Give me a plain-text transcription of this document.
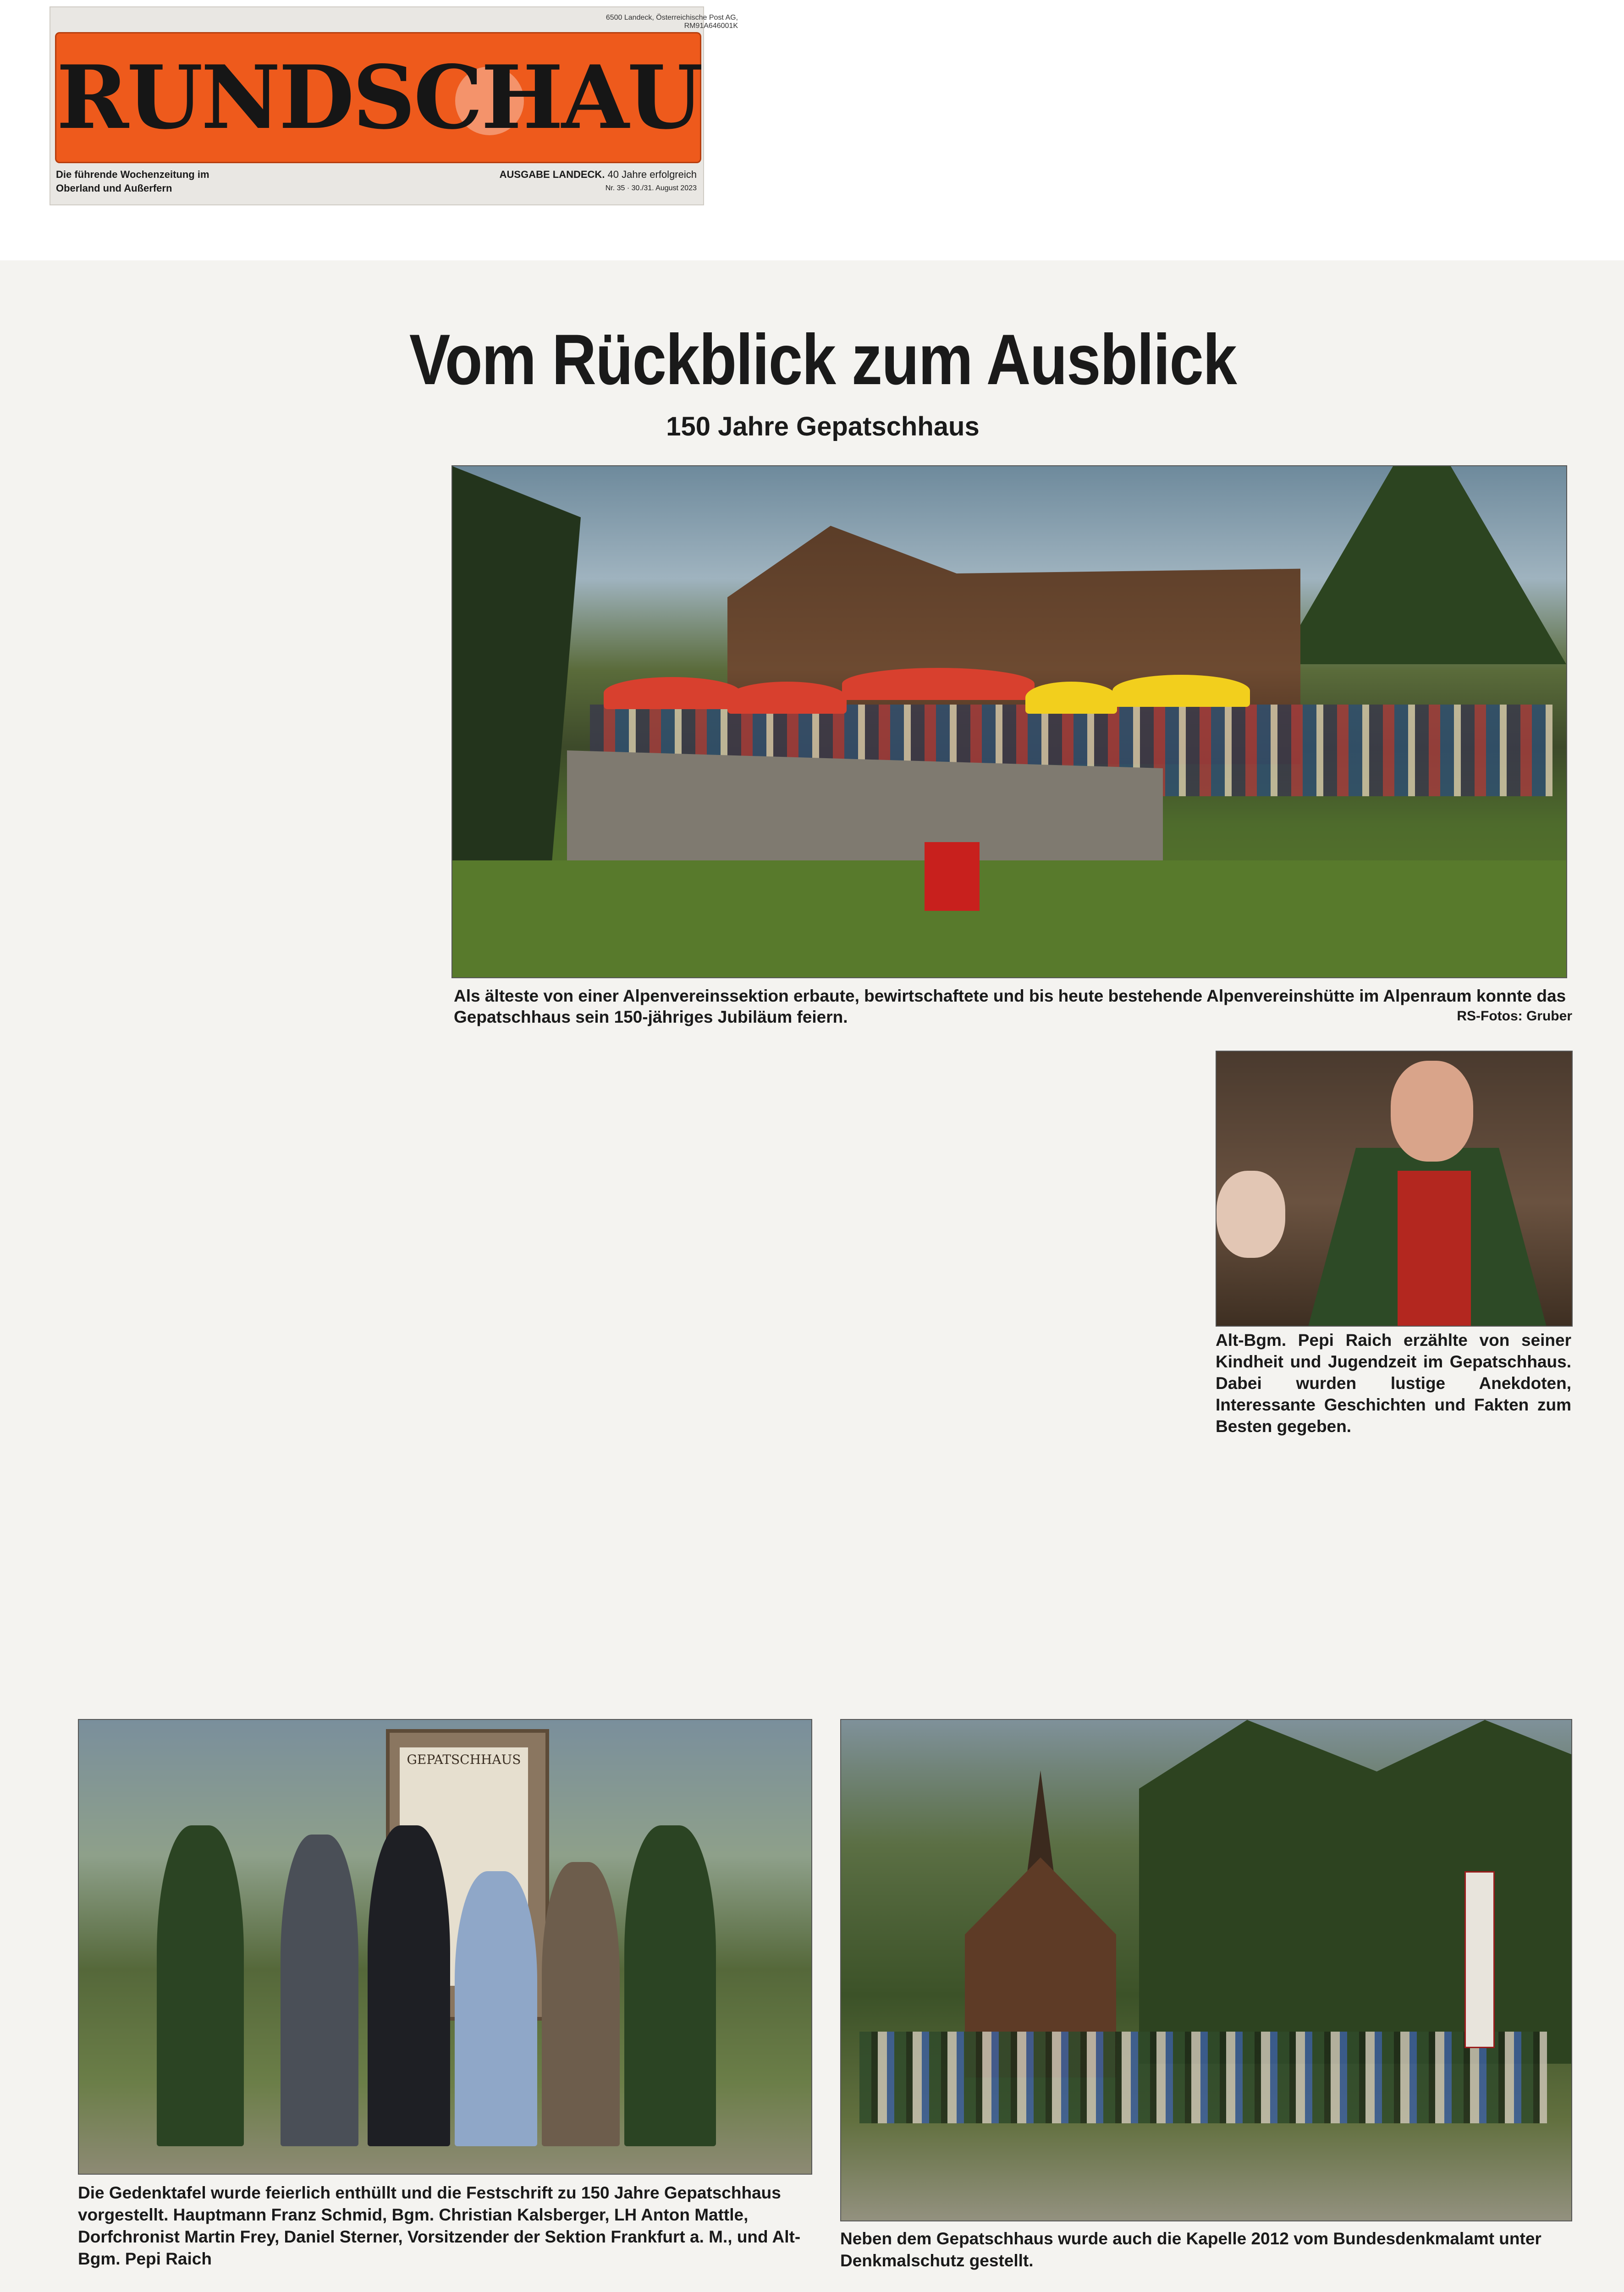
6500 Landeck, Österreichische Post AG, RM91A646001K
RUNDSCHAU
Die führende Wochenzeitung im
Oberland und Außerfern
AUSGABE LANDECK. 40 Jahre erfolgreich
Nr. 35 · 30./31. August 2023
Vom Rückblick zum Ausblick
150 Jahre Gepatschhaus

Als älteste von einer Alpenvereinssektion erbaute, bewirtschaftete und bis heute bestehende Alpenvereinshütte im Alpenraum konnte das Gepatschhaus sein 150-jähriges Jubiläum feiern.	RS-Fotos: Gruber
Alt-Bgm. Pepi Raich erzählte von seiner Kindheit und Jugendzeit im Gepatschhaus. Dabei wurden lustige Anekdoten, Interessante Geschichten und Fakten zum Besten gegeben.
GEPATSCHHAUS
Die Gedenktafel wurde feierlich enthüllt und die Festschrift zu 150 Jahre Gepatschhaus vorgestellt. Hauptmann Franz Schmid, Bgm. Christian Kalsberger, LH Anton Mattle, Dorfchronist Martin Frey, Daniel Sterner, Vorsitzender der Sektion Frankfurt a. M., und Alt-Bgm. Pepi Raich
Neben dem Gepatschhaus wurde auch die Kapelle 2012 vom Bundesdenkmalamt unter Denkmalschutz gestellt.
